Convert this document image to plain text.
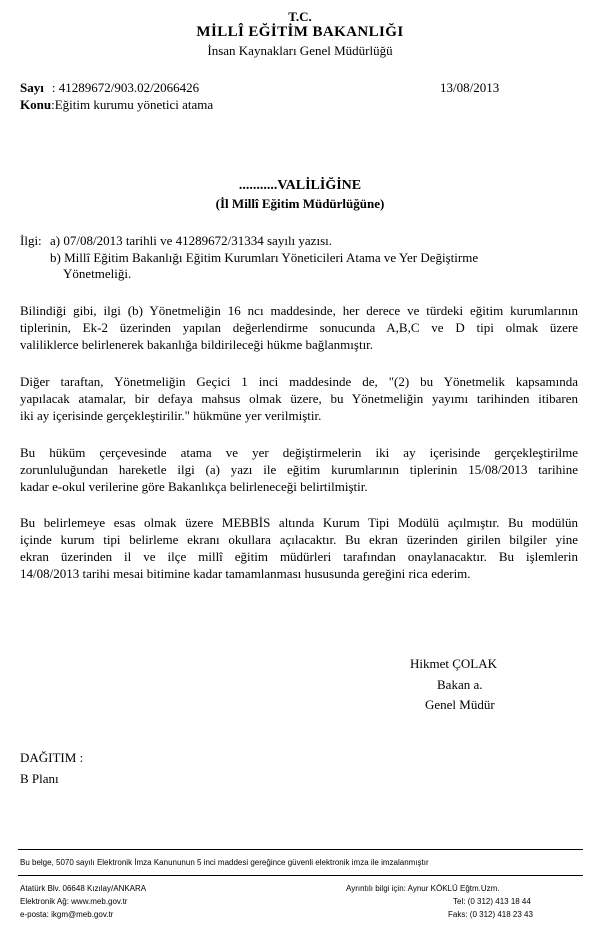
T.C.
MİLLÎ EĞİTİM BAKANLIĞI
İnsan Kaynakları Genel Müdürlüğü
Sayı : 41289672/903.02/2066426	13/08/2013
Konu:Eğitim kurumu yönetici atama
...........VALİLİĞİNE
(İl Millî Eğitim Müdürlüğüne)
İlgi: a) 07/08/2013 tarihli ve 41289672/31334 sayılı yazısı.
b) Millî Eğitim Bakanlığı Eğitim Kurumları Yöneticileri Atama ve Yer Değiştirme
Yönetmeliği.
Bilindiği gibi, ilgi (b) Yönetmeliğin 16 ncı maddesinde, her derece ve türdeki eğitim kurumlarının
tiplerinin, Ek-2 üzerinden yapılan değerlendirme sonucunda A,B,C ve D tipi olmak üzere
valiliklerce belirlenerek bakanlığa bildirileceği hükme bağlanmıştır.
Diğer taraftan, Yönetmeliğin Geçici 1 inci maddesinde de, "(2) bu Yönetmelik kapsamında
yapılacak atamalar, bir defaya mahsus olmak üzere, bu Yönetmeliğin yayımı tarihinden itibaren
iki ay içerisinde gerçekleştirilir." hükmüne yer verilmiştir.
Bu hüküm çerçevesinde atama ve yer değiştirmelerin iki ay içerisinde gerçekleştirilme
zorunluluğundan hareketle ilgi (a) yazı ile eğitim kurumlarının tiplerinin 15/08/2013 tarihine
kadar e-okul verilerine göre Bakanlıkça belirleneceği belirtilmiştir.
Bu belirlemeye esas olmak üzere MEBBİS altında Kurum Tipi Modülü açılmıştır. Bu modülün
içinde kurum tipi belirleme ekranı okullara açılacaktır. Bu ekran üzerinden girilen bilgiler yine
ekran üzerinden il ve ilçe millî eğitim müdürleri tarafından onaylanacaktır. Bu işlemlerin
14/08/2013 tarihi mesai bitimine kadar tamamlanması hususunda gereğini rica ederim.
Hikmet ÇOLAK
Bakan a.
Genel Müdür
DAĞITIM :
B Planı
Bu belge, 5070 sayılı Elektronik İmza Kanununun 5 inci maddesi gereğince güvenli elektronik imza ile imzalanmıştır
Atatürk Blv. 06648 Kızılay/ANKARA
Elektronik Ağ: www.meb.gov.tr
e-posta: ikgm@meb.gov.tr
Ayrıntılı bilgi için: Aynur KÖKLÜ Eğtm.Uzm.
Tel: (0 312) 413 18 44
Faks: (0 312) 418 23 43
